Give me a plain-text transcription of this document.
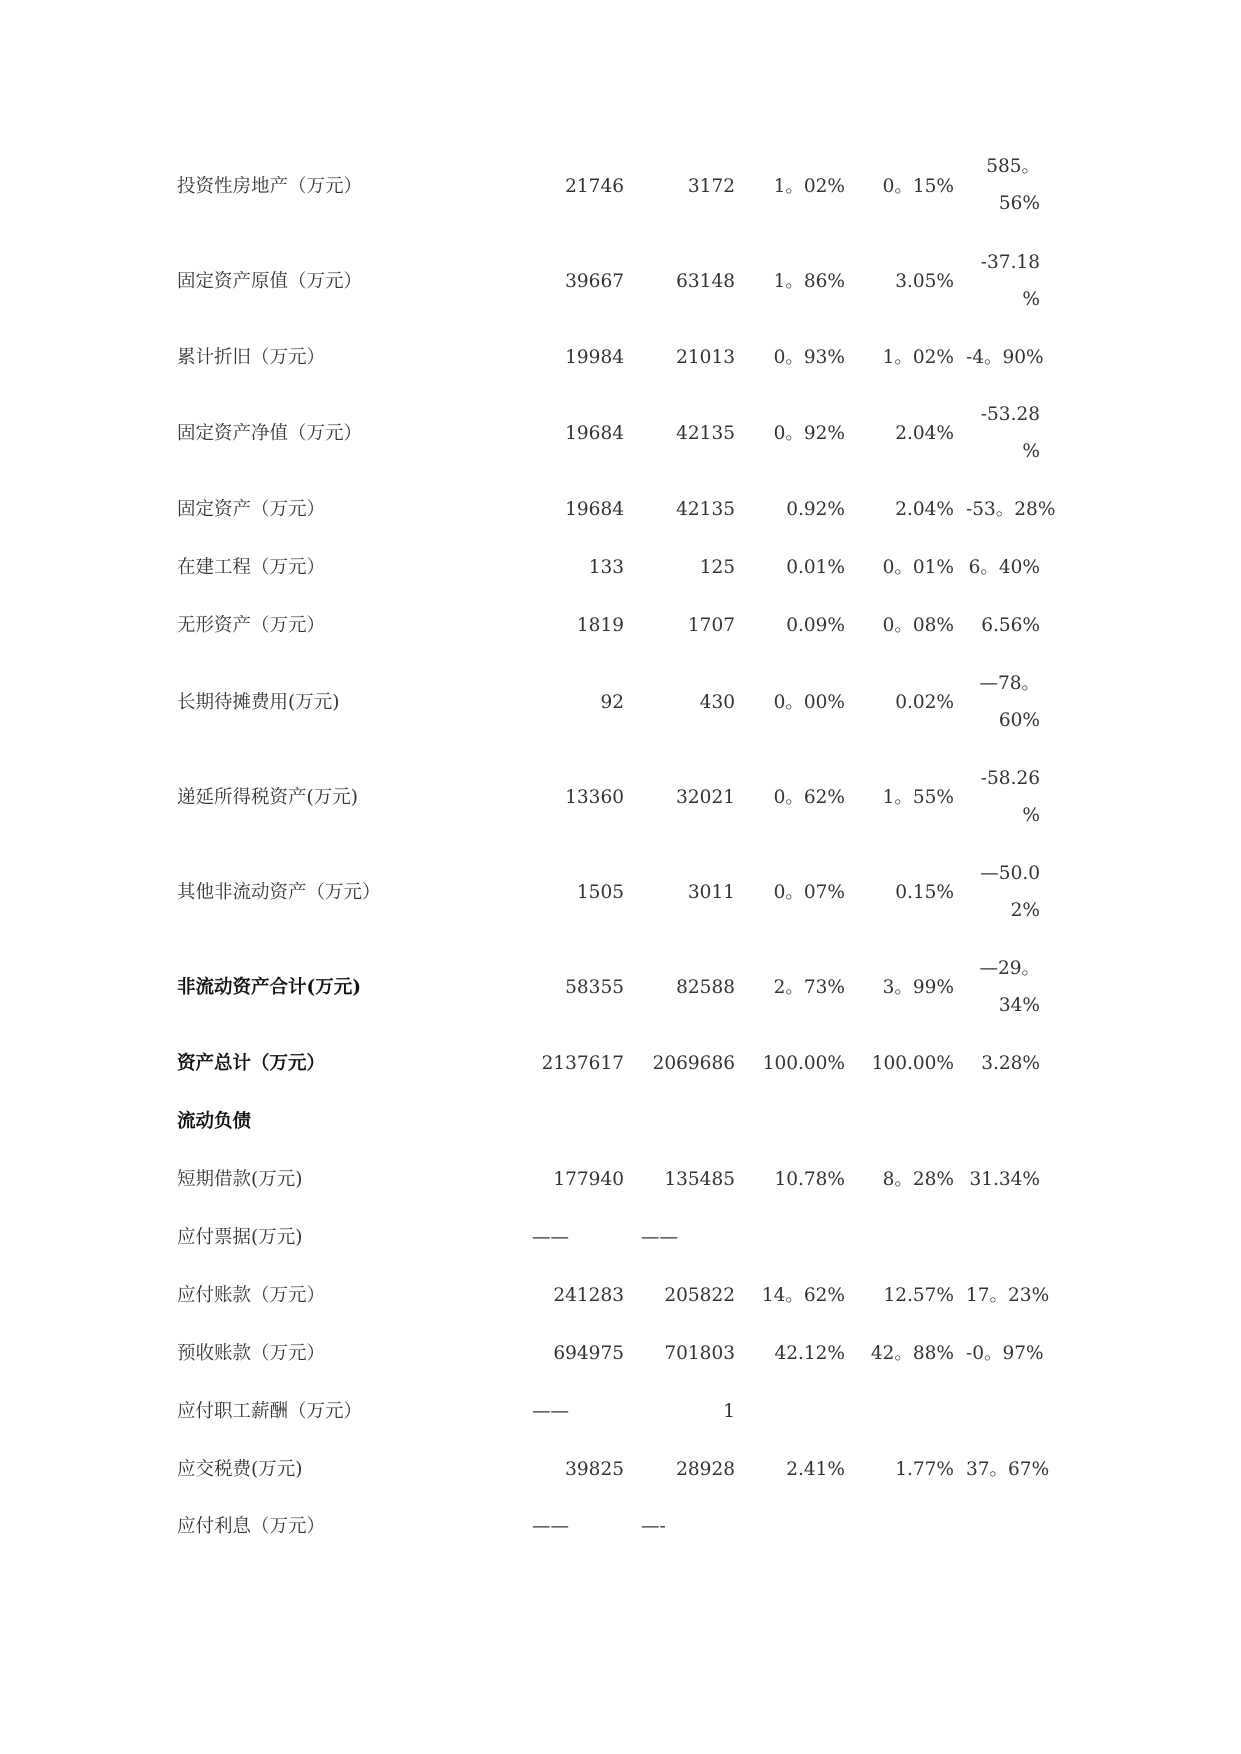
投资性房地产（万元）	21746	3172 1。02% 0。15%
585。
56%
固定资产原值（万元）	39667	63148 1。86%	3.05%
-37.18
%
累计折旧（万元）	19984	21013 0。93% 1。02% -4。90%
固定资产净值（万元）	19684	42135 0。92%	2.04%
-53.28
%
固定资产（万元）	19684	42135	0.92%	2.04% -53。28%
在建工程（万元）	133	125	0.01% 0。01% 6。40%
无形资产（万元）	1819	1707	0.09% 0。08%	6.56%
长期待摊费用(万元)	92	430 0。00%	0.02%
—78。
60%
递延所得税资产(万元)	13360	32021 0。62% 1。55%
-58.26
%
其他非流动资产（万元）	1505	3011 0。07%	0.15%
—50.0
2%
非流动资产合计(万元)	58355	82588 2。73% 3。99%
—29。
34%
资产总计（万元）	2137617 2069686 100.00% 100.00%	3.28%
流动负债
短期借款(万元)	177940 135485 10.78% 8。28% 31.34%
应付票据(万元)	——	——
应付账款（万元）	241283 205822 14。62% 12.57% 17。23%
预收账款（万元）	694975 701803 42.12% 42。88% -0。97%
应付职工薪酬（万元）	——	1
应交税费(万元)	39825	28928	2.41%	1.77% 37。67%
应付利息（万元）	——	—-
